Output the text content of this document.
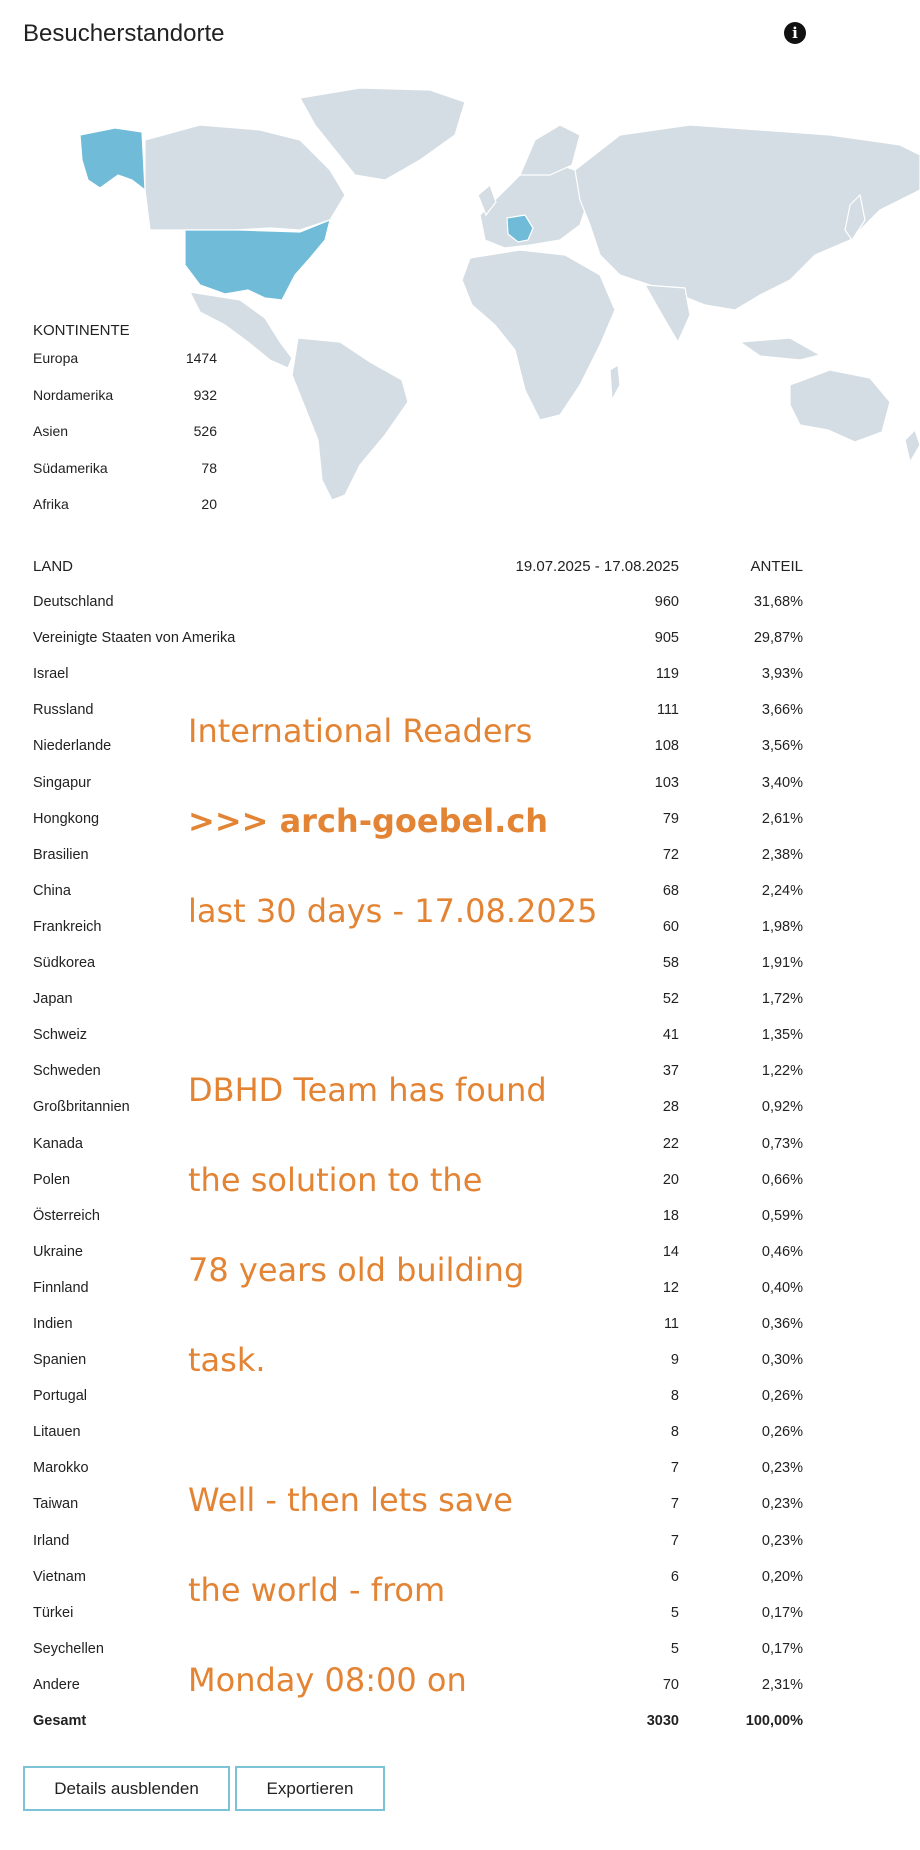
Besucherstandorte	i
KONTINENTE
Europa	1474
Nordamerika	932
Asien	526
Südamerika	78
Afrika	20
LAND	19.07.2025 - 17.08.2025	ANTEIL
Deutschland	960	31,68%
Vereinigte Staaten von Amerika	905	29,87%
Israel	119	3,93%
Russland	111	3,66%
Niederlande	108	3,56%
Singapur	103	3,40%
Hongkong	79	2,61%
Brasilien	72	2,38%
China	68	2,24%
Frankreich	60	1,98%
Südkorea	58	1,91%
Japan	52	1,72%
Schweiz	41	1,35%
Schweden	37	1,22%
Großbritannien	28	0,92%
Kanada	22	0,73%
Polen	20	0,66%
Österreich	18	0,59%
Ukraine	14	0,46%
Finnland	12	0,40%
Indien	11	0,36%
Spanien	9	0,30%
Portugal	8	0,26%
Litauen	8	0,26%
Marokko	7	0,23%
Taiwan	7	0,23%
Irland	7	0,23%
Vietnam	6	0,20%
Türkei	5	0,17%
Seychellen	5	0,17%
Andere	70	2,31%
Gesamt	3030	100,00%
International Readers
>>> arch-goebel.ch
last 30 days - 17.08.2025
DBHD Team has found
the solution to the
78 years old building
task.
Well - then lets save
the world - from
Monday 08:00 on
Details ausblenden	Exportieren
